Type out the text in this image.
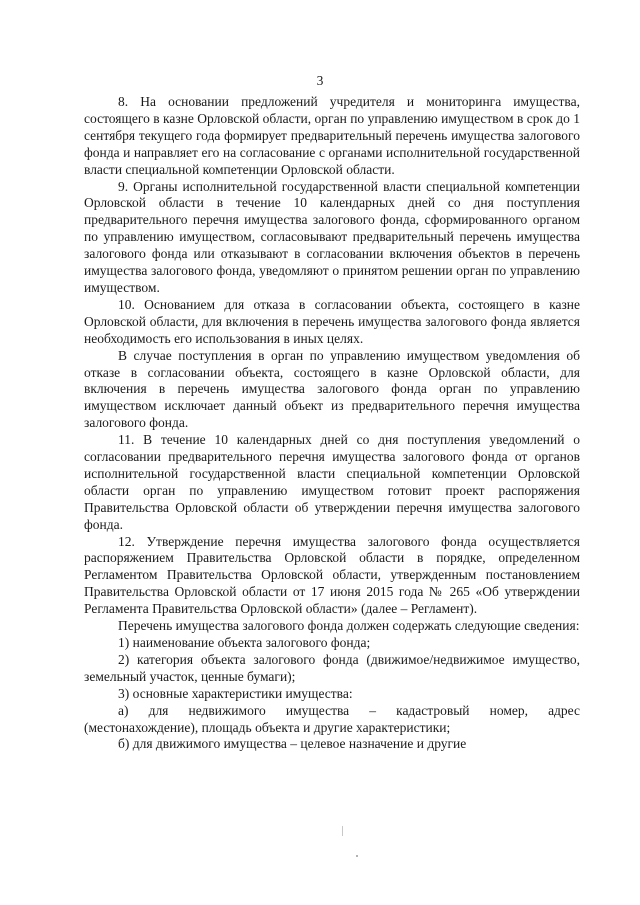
3

8. На основании предложений учредителя и мониторинга имущества, состоящего в казне Орловской области, орган по управлению имуществом в срок до 1 сентября текущего года формирует предварительный перечень имущества залогового фонда и направляет его на согласование с органами исполнительной государственной власти специальной компетенции Орловской области.

9. Органы исполнительной государственной власти специальной компетенции Орловской области в течение 10 календарных дней со дня поступления предварительного перечня имущества залогового фонда, сформированного органом по управлению имуществом, согласовывают предварительный перечень имущества залогового фонда или отказывают в согласовании включения объектов в перечень имущества залогового фонда, уведомляют о принятом решении орган по управлению имуществом.

10. Основанием для отказа в согласовании объекта, состоящего в казне Орловской области, для включения в перечень имущества залогового фонда является необходимость его использования в иных целях.

В случае поступления в орган по управлению имуществом уведомления об отказе в согласовании объекта, состоящего в казне Орловской области, для включения в перечень имущества залогового фонда орган по управлению имуществом исключает данный объект из предварительного перечня имущества залогового фонда.

11. В течение 10 календарных дней со дня поступления уведомлений о согласовании предварительного перечня имущества залогового фонда от органов исполнительной государственной власти специальной компетенции Орловской области орган по управлению имуществом готовит проект распоряжения Правительства Орловской области об утверждении перечня имущества залогового фонда.

12. Утверждение перечня имущества залогового фонда осуществляется распоряжением Правительства Орловской области в порядке, определенном Регламентом Правительства Орловской области, утвержденным постановлением Правительства Орловской области от 17 июня 2015 года № 265 «Об утверждении Регламента Правительства Орловской области» (далее – Регламент).

Перечень имущества залогового фонда должен содержать следующие сведения:

1) наименование объекта залогового фонда;

2) категория объекта залогового фонда (движимое/недвижимое имущество, земельный участок, ценные бумаги);

3) основные характеристики имущества:

а) для недвижимого имущества – кадастровый номер, адрес (местонахождение), площадь объекта и другие характеристики;

б) для движимого имущества – целевое назначение и другие
